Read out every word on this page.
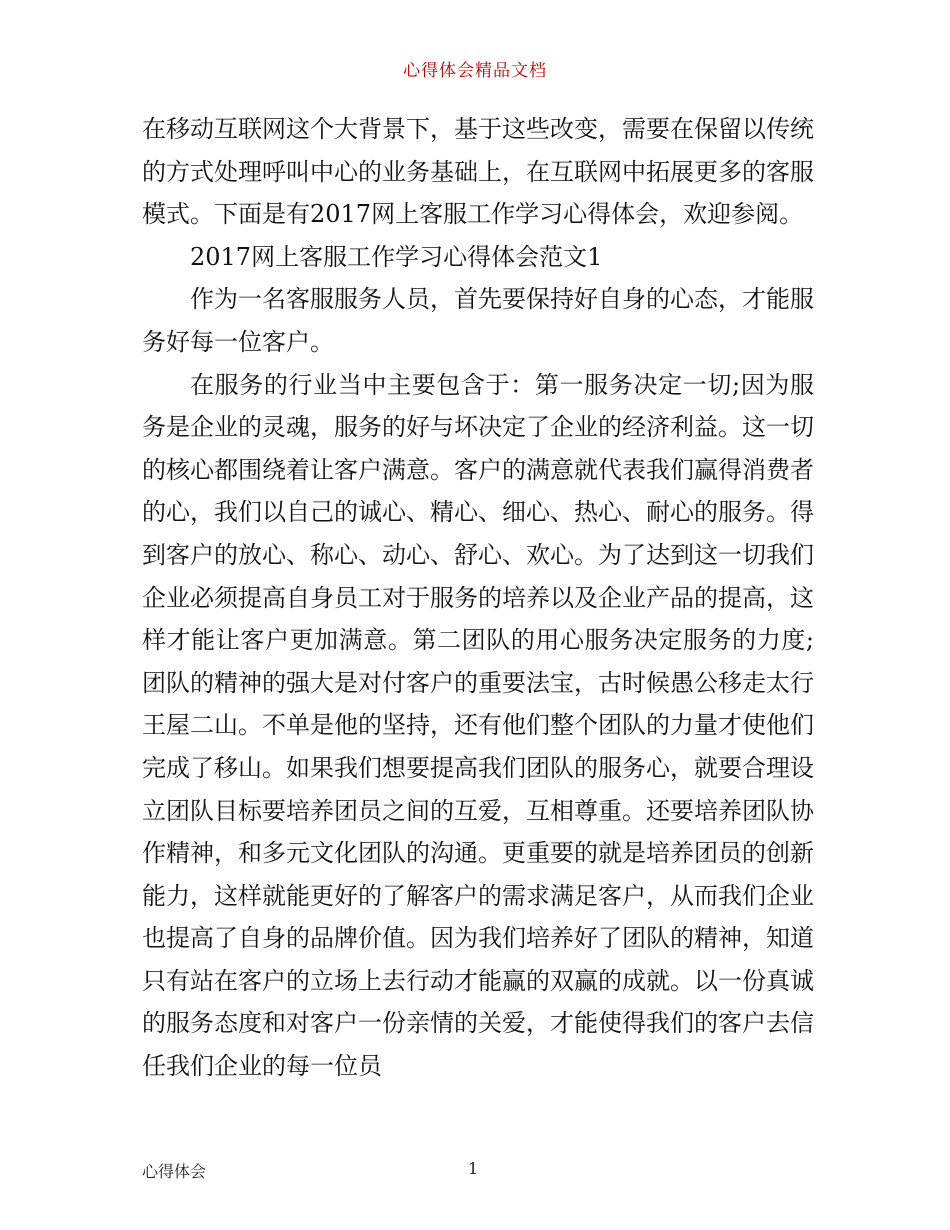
心得体会精品文档

在移动互联网这个大背景下，基于这些改变，需要在保留以传统的方式处理呼叫中心的业务基础上，在互联网中拓展更多的客服模式。下面是有2017网上客服工作学习心得体会，欢迎参阅。

2017网上客服工作学习心得体会范文1

作为一名客服服务人员，首先要保持好自身的心态，才能服务好每一位客户。

在服务的行业当中主要包含于：第一服务决定一切;因为服务是企业的灵魂，服务的好与坏决定了企业的经济利益。这一切的核心都围绕着让客户满意。客户的满意就代表我们赢得消费者的心，我们以自己的诚心、精心、细心、热心、耐心的服务。得到客户的放心、称心、动心、舒心、欢心。为了达到这一切我们企业必须提高自身员工对于服务的培养以及企业产品的提高，这样才能让客户更加满意。第二团队的用心服务决定服务的力度;团队的精神的强大是对付客户的重要法宝，古时候愚公移走太行王屋二山。不单是他的坚持，还有他们整个团队的力量才使他们完成了移山。如果我们想要提高我们团队的服务心，就要合理设立团队目标要培养团员之间的互爱，互相尊重。还要培养团队协作精神，和多元文化团队的沟通。更重要的就是培养团员的创新能力，这样就能更好的了解客户的需求满足客户，从而我们企业也提高了自身的品牌价值。因为我们培养好了团队的精神，知道只有站在客户的立场上去行动才能赢的双赢的成就。以一份真诚的服务态度和对客户一份亲情的关爱，才能使得我们的客户去信任我们企业的每一位员

心得体会	1
